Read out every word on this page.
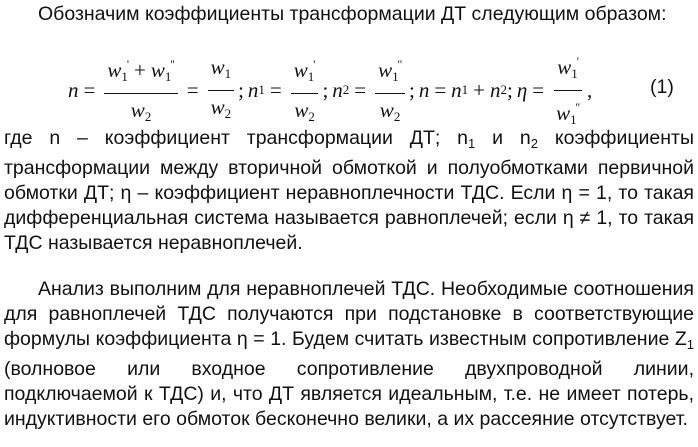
Обозначим коэффициенты трансформации ДТ следующим образом:

$n = \frac{w_1' + w_1''}{w_2} = \frac{w_1}{w_2}$ ; n $1 = \frac{w_1'}{w_2}$ ; n $2 = \frac{w_1''}{w_2}$ ; n = n 1 + n 2 ; $\eta = \frac{w_1'}{w_1''}$ ,	(1)

где n – коэффициент трансформации ДТ; $n_1$ и $n_2$ коэффициенты трансформации между вторичной обмоткой и полуобмотками первичной обмотки ДТ; η – коэффициент неравноплечности ТДС. Если η = 1, то такая дифференциальная система называется равноплечей; если η ≠ 1, то такая ТДС называется неравноплечей.

Анализ выполним для неравноплечей ТДС. Необходимые соотношения для равноплечей ТДС получаются при подстановке в соответствующие формулы коэффициента η = 1. Будем считать известным сопротивление $Z_1$ (волновое или входное сопротивление двухпроводной линии, подключаемой к ТДС) и, что ДТ является идеальным, т.е. не имеет потерь, индуктивности его обмоток бесконечно велики, а их рассеяние отсутствует.
